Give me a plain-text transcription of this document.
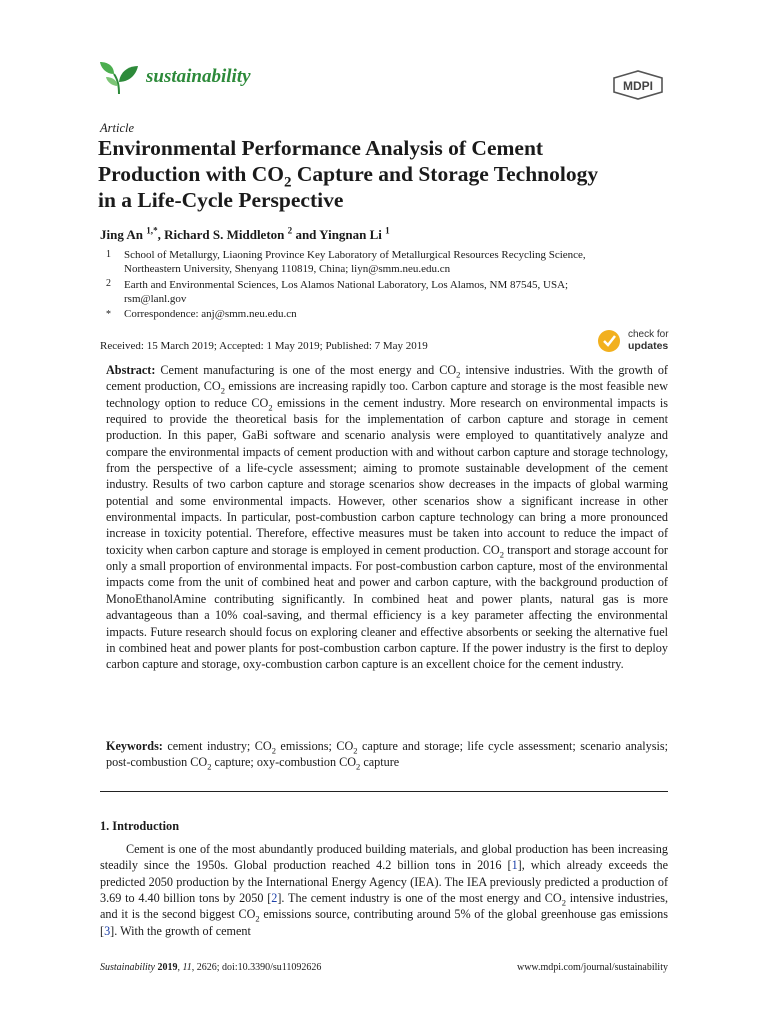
sustainability	MDPI
Article
Environmental Performance Analysis of Cement
Production with $CO_2$ Capture and Storage Technology
in a Life-Cycle Perspective
Jing An $^{1,*}$, Richard S. Middleton $^2$ and Yingnan Li $^1$
1 School of Metallurgy, Liaoning Province Key Laboratory of Metallurgical Resources Recycling Science,
Northeastern University, Shenyang 110819, China; liyn@smm.neu.edu.cn
2 Earth and Environmental Sciences, Los Alamos National Laboratory, Los Alamos, NM 87545, USA;
rsm@lanl.gov
* Correspondence: anj@smm.neu.edu.cn
Received: 15 March 2019; Accepted: 1 May 2019; Published: 7 May 2019
check for
updates
Abstract: Cement manufacturing is one of the most energy and $CO_2$ intensive industries. With the growth of cement production, $CO_2$ emissions are increasing rapidly too. Carbon capture and storage is the most feasible new technology option to reduce $CO_2$ emissions in the cement industry. More research on environmental impacts is required to provide the theoretical basis for the implementation of carbon capture and storage in cement production. In this paper, GaBi software and scenario analysis were employed to quantitatively analyze and compare the environmental impacts of cement production with and without carbon capture and storage technology, from the perspective of a life-cycle assessment; aiming to promote sustainable development of the cement industry. Results of two carbon capture and storage scenarios show decreases in the impacts of global warming potential and some environmental impacts. However, other scenarios show a significant increase in other environmental impacts. In particular, post-combustion carbon capture technology can bring a more pronounced increase in toxicity potential. Therefore, effective measures must be taken into account to reduce the impact of toxicity when carbon capture and storage is employed in cement production. $CO_2$ transport and storage account for only a small proportion of environmental impacts. For post-combustion carbon capture, most of the environmental impacts come from the unit of combined heat and power and carbon capture, with the background production of MonoEthanolAmine contributing significantly. In combined heat and power plants, natural gas is more advantageous than a 10% coal-saving, and thermal efficiency is a key parameter affecting the environmental impacts. Future research should focus on exploring cleaner and effective absorbents or seeking the alternative fuel in combined heat and power plants for post-combustion carbon capture. If the power industry is the first to deploy carbon capture and storage, oxy-combustion carbon capture is an excellent choice for the cement industry.
Keywords: cement industry; $CO_2$ emissions; $CO_2$ capture and storage; life cycle assessment; scenario analysis; post-combustion $CO_2$ capture; oxy-combustion $CO_2$ capture
1. Introduction

Cement is one of the most abundantly produced building materials, and global production has been increasing steadily since the 1950s. Global production reached 4.2 billion tons in 2016 [1], which already exceeds the predicted 2050 production by the International Energy Agency (IEA). The IEA previously predicted a production of 3.69 to 4.40 billion tons by 2050 [2]. The cement industry is one of the most energy and $CO_2$ intensive industries, and it is the second biggest $CO_2$ emissions source, contributing around 5% of the global greenhouse gas emissions [3]. With the growth of cement

Sustainability 2019, 11, 2626; doi:10.3390/su11092626	www.mdpi.com/journal/sustainability
